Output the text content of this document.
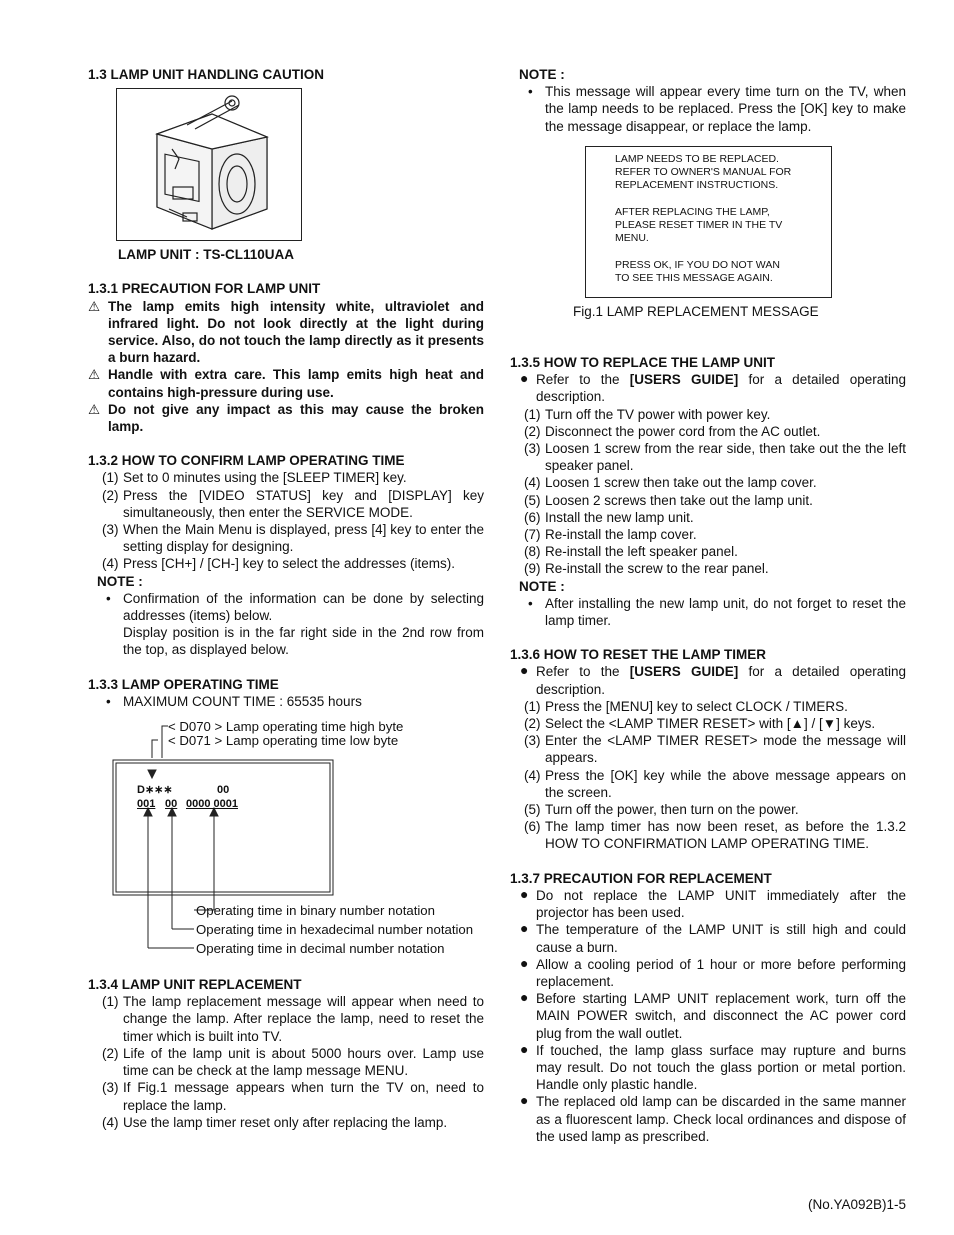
1.3 LAMP UNIT HANDLING CAUTION

LAMP UNIT : TS-CL110UAA

1.3.1 PRECAUTION FOR LAMP UNIT

⚠ The lamp emits high intensity white, ultraviolet and infrared light. Do not look directly at the light during service. Also, do not touch the lamp directly as it presents a burn hazard.

⚠ Handle with extra care. This lamp emits high heat and contains high-pressure during use.

⚠ Do not give any impact as this may cause the broken lamp.

1.3.2 HOW TO CONFIRM LAMP OPERATING TIME

(1) Set to 0 minutes using the [SLEEP TIMER] key.

(2) Press the [VIDEO STATUS] key and [DISPLAY] key simultaneously, then enter the SERVICE MODE.

(3) When the Main Menu is displayed, press [4] key to enter the setting display for designing.

(4) Press [CH+] / [CH-] key to select the addresses (items).

NOTE :

• Confirmation of the information can be done by selecting addresses (items) below.

Display position is in the far right side in the 2nd row from the top, as displayed below.

1.3.3 LAMP OPERATING TIME

• MAXIMUM COUNT TIME : 65535 hours

< D070 > Lamp operating time high byte
< D071 > Lamp operating time low byte
D∗∗∗	00
001 00 0000 0001
Operating time in binary number notation
Operating time in hexadecimal number notation
Operating time in decimal number notation

1.3.4 LAMP UNIT REPLACEMENT

(1) The lamp replacement message will appear when need to change the lamp. After replace the lamp, need to reset the timer which is built into TV.

(2) Life of the lamp unit is about 5000 hours over. Lamp use time can be check at the lamp message MENU.

(3) If Fig.1 message appears when turn the TV on, need to replace the lamp.

(4) Use the lamp timer reset only after replacing the lamp.

NOTE :

• This message will appear every time turn on the TV, when the lamp needs to be replaced. Press the [OK] key to make the message disappear, or replace the lamp.

LAMP NEEDS TO BE REPLACED.

REFER TO OWNER'S MANUAL FOR

REPLACEMENT INSTRUCTIONS.

AFTER REPLACING THE LAMP,

PLEASE RESET TIMER IN THE TV

MENU.

PRESS OK, IF YOU DO NOT WAN

TO SEE THIS MESSAGE AGAIN.

Fig.1 LAMP REPLACEMENT MESSAGE

1.3.5 HOW TO REPLACE THE LAMP UNIT

● Refer to the [USERS GUIDE] for a detailed operating description.

(1) Turn off the TV power with power key.

(2) Disconnect the power cord from the AC outlet.

(3) Loosen 1 screw from the rear side, then take out the the left speaker panel.

(4) Loosen 1 screw then take out the lamp cover.

(5) Loosen 2 screws then take out the lamp unit.

(6) Install the new lamp unit.

(7) Re-install the lamp cover.

(8) Re-install the left speaker panel.

(9) Re-install the screw to the rear panel.

NOTE :

• After installing the new lamp unit, do not forget to reset the lamp timer.

1.3.6 HOW TO RESET THE LAMP TIMER

● Refer to the [USERS GUIDE] for a detailed operating description.

(1) Press the [MENU] key to select CLOCK / TIMERS.

(2) Select the <LAMP TIMER RESET> with [▲] / [▼] keys.

(3) Enter the <LAMP TIMER RESET> mode the message will appears.

(4) Press the [OK] key while the above message appears on the screen.

(5) Turn off the power, then turn on the power.

(6) The lamp timer has now been reset, as before the 1.3.2 HOW TO CONFIRMATION LAMP OPERATING TIME.

1.3.7 PRECAUTION FOR REPLACEMENT

● Do not replace the LAMP UNIT immediately after the projector has been used.

● The temperature of the LAMP UNIT is still high and could cause a burn.

● Allow a cooling period of 1 hour or more before performing replacement.

● Before starting LAMP UNIT replacement work, turn off the MAIN POWER switch, and disconnect the AC power cord plug from the wall outlet.

● If touched, the lamp glass surface may rupture and burns may result. Do not touch the glass portion or metal portion. Handle only plastic handle.

● The replaced old lamp can be discarded in the same manner as a fluorescent lamp. Check local ordinances and dispose of the used lamp as prescribed.

(No.YA092B)1-5
